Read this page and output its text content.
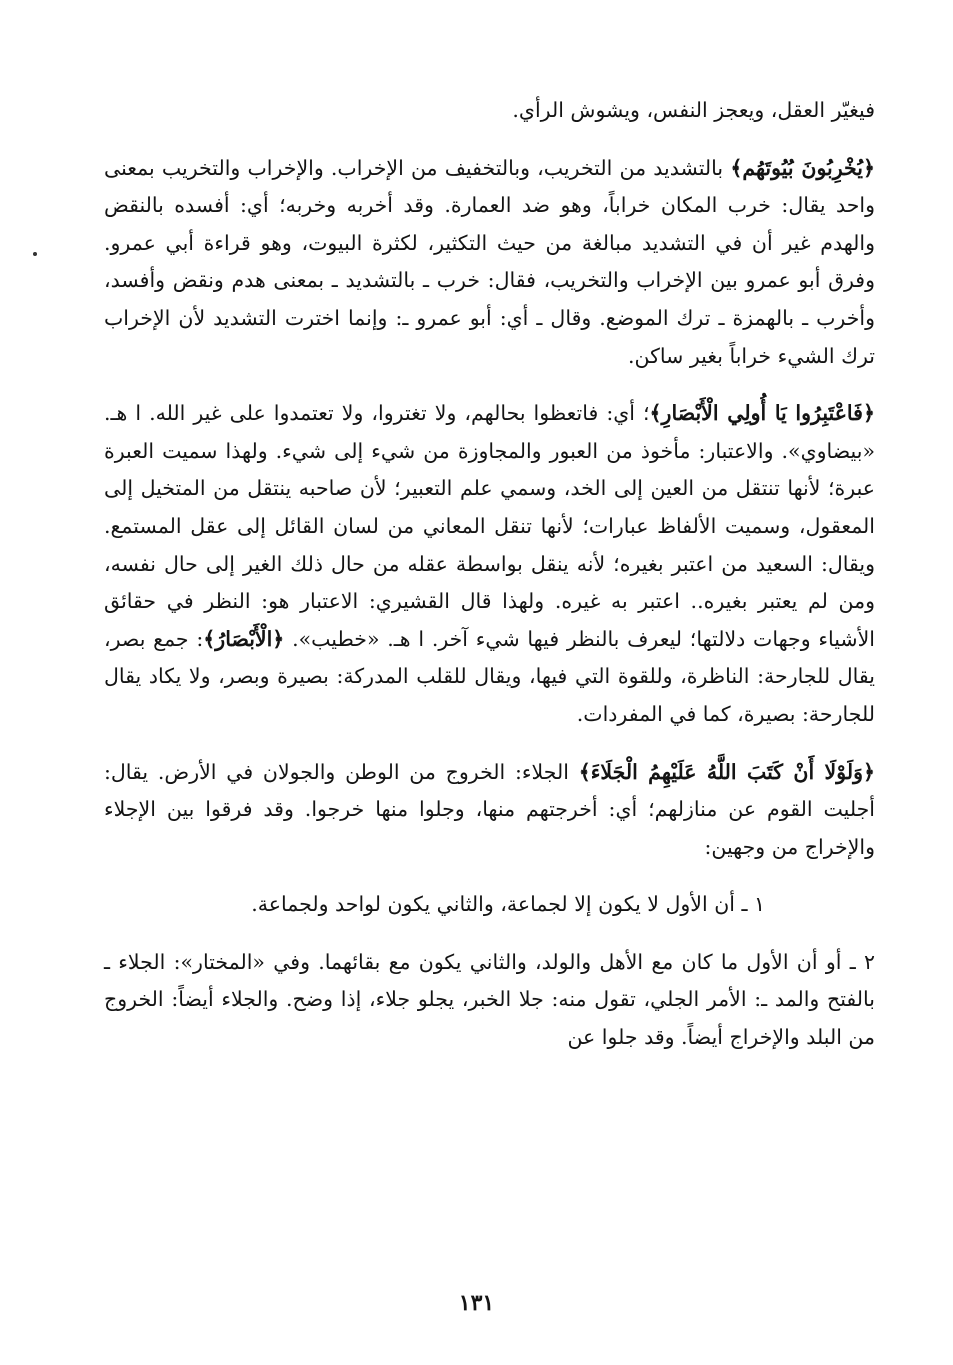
فيغيّر العقل، ويعجز النفس، ويشوش الرأي.

﴿يُخْرِبُونَ بُيُوتَهُم﴾ بالتشديد من التخريب، وبالتخفيف من الإخراب. والإخراب والتخريب بمعنى واحد يقال: خرب المكان خراباً، وهو ضد العمارة. وقد أخربه وخربه؛ أي: أفسده بالنقض والهدم غير أن في التشديد مبالغة من حيث التكثير، لكثرة البيوت، وهو قراءة أبي عمرو. وفرق أبو عمرو بين الإخراب والتخريب، فقال: خرب ـ بالتشديد ـ بمعنى هدم ونقض وأفسد، وأخرب ـ بالهمزة ـ ترك الموضع. وقال ـ أي: أبو عمرو ـ: وإنما اخترت التشديد لأن الإخراب ترك الشيء خراباً بغير ساكن.

﴿فَاعْتَبِرُوا يَا أُولِي الْأَبْصَارِ﴾؛ أي: فاتعظوا بحالهم، ولا تغتروا، ولا تعتمدوا على غير الله. ا هـ. «بيضاوي». والاعتبار: مأخوذ من العبور والمجاوزة من شيء إلى شيء. ولهذا سميت العبرة عبرة؛ لأنها تنتقل من العين إلى الخد، وسمي علم التعبير؛ لأن صاحبه ينتقل من المتخيل إلى المعقول، وسميت الألفاظ عبارات؛ لأنها تنقل المعاني من لسان القائل إلى عقل المستمع. ويقال: السعيد من اعتبر بغيره؛ لأنه ينقل بواسطة عقله من حال ذلك الغير إلى حال نفسه، ومن لم يعتبر بغيره.. اعتبر به غيره. ولهذا قال القشيري: الاعتبار هو: النظر في حقائق الأشياء وجهات دلالتها؛ ليعرف بالنظر فيها شيء آخر. ا هـ. «خطيب». ﴿الْأَبْصَارُ﴾: جمع بصر، يقال للجارحة: الناظرة، وللقوة التي فيها، ويقال للقلب المدركة: بصيرة وبصر، ولا يكاد يقال للجارحة: بصيرة، كما في المفردات.

﴿وَلَوْلَا أَنْ كَتَبَ اللَّهُ عَلَيْهِمُ الْجَلَاءَ﴾ الجلاء: الخروج من الوطن والجولان في الأرض. يقال: أجليت القوم عن منازلهم؛ أي: أخرجتهم منها، وجلوا منها خرجوا. وقد فرقوا بين الإجلاء والإخراج من وجهين:

١ ـ أن الأول لا يكون إلا لجماعة، والثاني يكون لواحد ولجماعة.

٢ ـ أو أن الأول ما كان مع الأهل والولد، والثاني يكون مع بقائهما. وفي «المختار»: الجلاء ـ بالفتح والمد ـ: الأمر الجلي، تقول منه: جلا الخبر، يجلو جلاء، إذا وضح. والجلاء أيضاً: الخروج من البلد والإخراج أيضاً. وقد جلوا عن

١٣١
